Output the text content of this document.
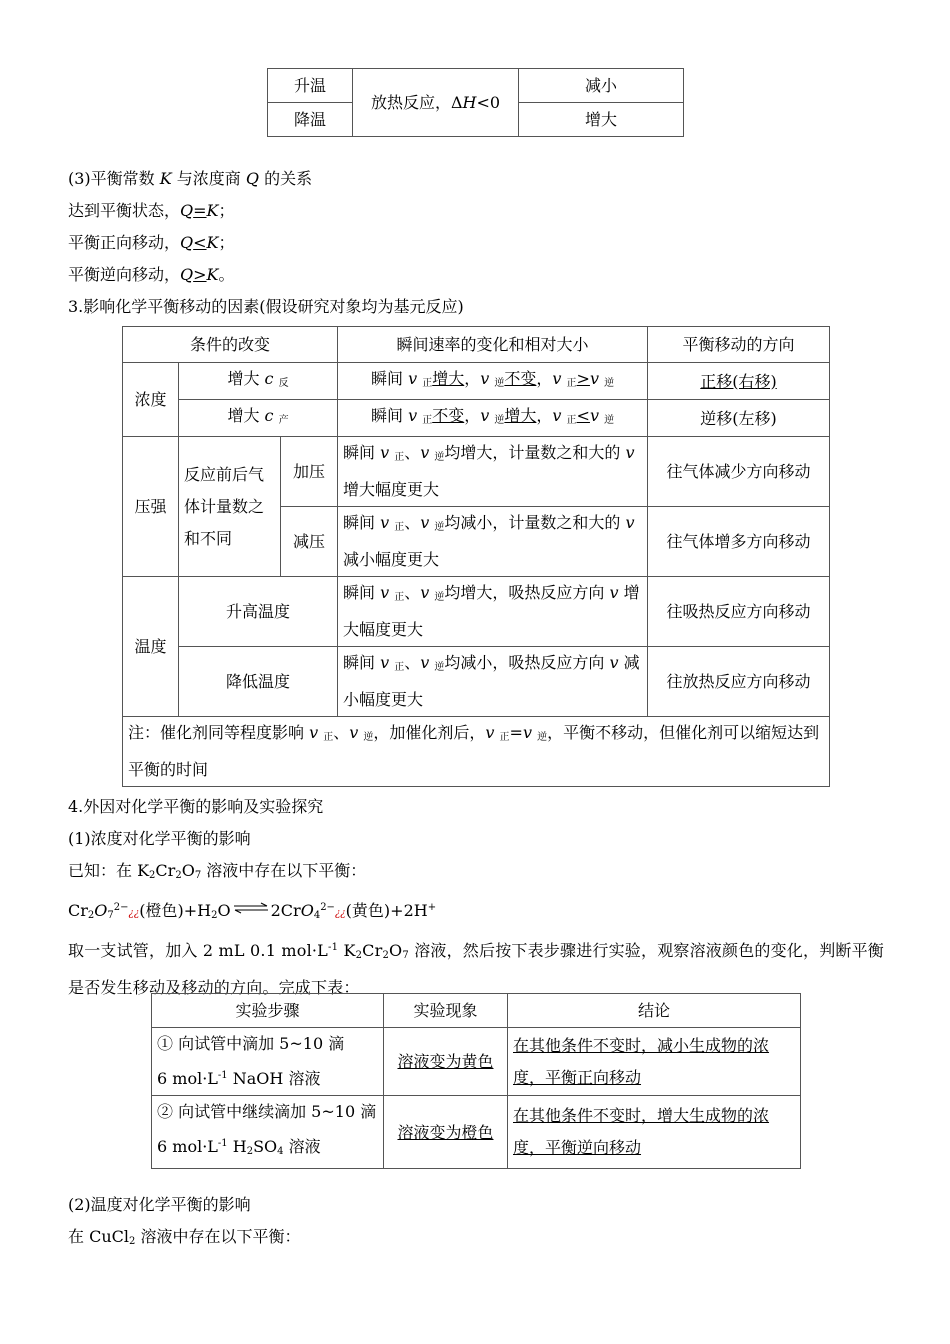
升温	放热反应，ΔH<0	减小
降温		增大
(3)平衡常数 K 与浓度商 Q 的关系
达到平衡状态，Q=K；
平衡正向移动，Q<K；
平衡逆向移动，Q>K。
3.影响化学平衡移动的因素(假设研究对象均为基元反应)
条件的改变			瞬间速率的变化和相对大小	平衡移动的方向
浓度	增大 c $_反$		瞬间 v $_正$增大，v $_逆$不变，v $_正$>v $_逆$	正移(右移)
	增大 c $_产$		瞬间 v $_正$不变，v $_逆$增大，v $_正$<v $_逆$	逆移(左移)
压强	反应前后气体计量数之和不同	加压	瞬间 v $_正$、v $_逆$均增大，计量数之和大的 v 增大幅度更大	往气体减少方向移动
		减压	瞬间 v $_正$、v $_逆$均减小，计量数之和大的 v 减小幅度更大	往气体增多方向移动
温度	升高温度		瞬间 v $_正$、v $_逆$均增大，吸热反应方向 v 增大幅度更大	往吸热反应方向移动
	降低温度		瞬间 v $_正$、v $_逆$均减小，吸热反应方向 v 减小幅度更大	往放热反应方向移动
注：催化剂同等程度影响 v $_正$、v $_逆$，加催化剂后，v $_正$=v $_逆$，平衡不移动，但催化剂可以缩短达到平衡的时间				
4.外因对化学平衡的影响及实验探究
(1)浓度对化学平衡的影响
已知：在 $K_2Cr_2O_7$ 溶液中存在以下平衡：
$Cr_2O_7^{2-}¿¿$(橙色)$+H_2O$ ⇌ 2CrO$_4^{2-}$¿¿(黄色)+2H+
取一支试管，加入 2 mL 0.1 $mol\cdot L^{-1}$ $K_2Cr_2O_7$ 溶液，然后按下表步骤进行实验，观察溶液颜色的变化，判断平衡是否发生移动及移动的方向。完成下表：
实验步骤	实验现象	结论
① 向试管中滴加 5~10 滴
6 $mol\cdot L^{-1}$ NaOH 溶液	溶液变为黄色	在其他条件不变时，减小生成物的浓度，平衡正向移动
② 向试管中继续滴加 5~10 滴
6 $mol\cdot L^{-1}$ $H_2SO_4$ 溶液	溶液变为橙色	在其他条件不变时，增大生成物的浓度，平衡逆向移动
(2)温度对化学平衡的影响
在 CuCl$_2$ 溶液中存在以下平衡：
